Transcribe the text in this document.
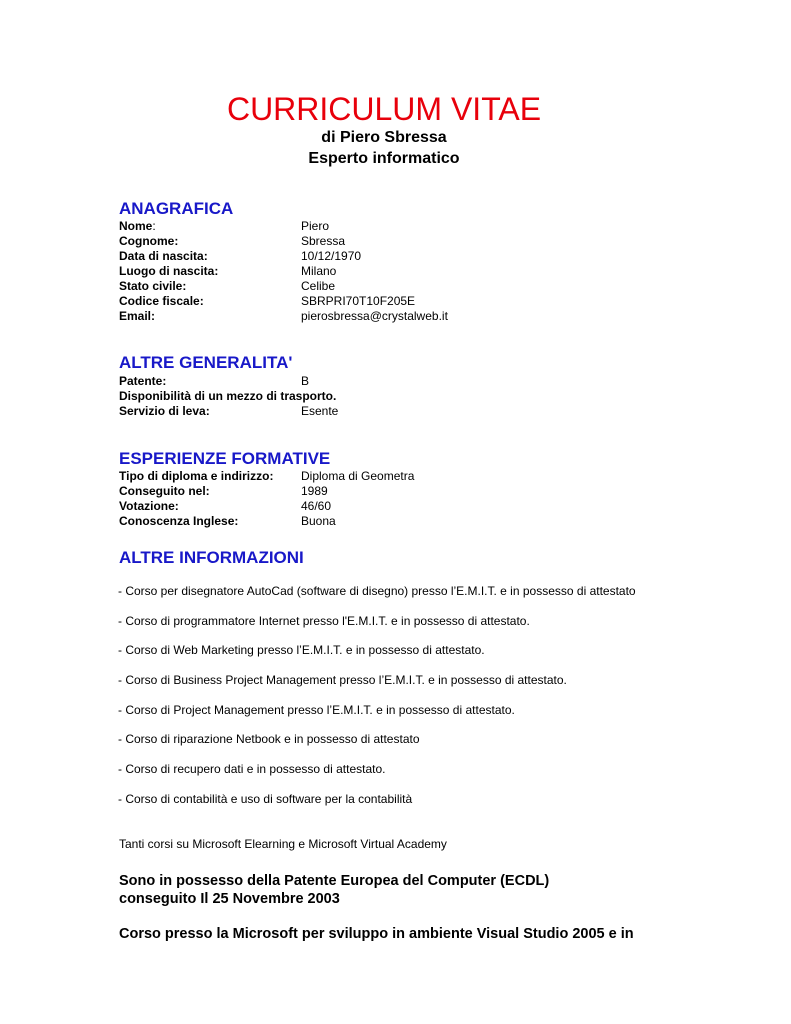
CURRICULUM VITAE
di Piero Sbressa
Esperto informatico
ANAGRAFICA
Nome:	Piero
Cognome:	Sbressa
Data di nascita:	10/12/1970
Luogo di nascita:	Milano
Stato civile:	Celibe
Codice fiscale:	SBRPRI70T10F205E
Email:	pierosbressa@crystalweb.it
ALTRE GENERALITA'
Patente:	B
Disponibilità di un mezzo di trasporto.
Servizio di leva:	Esente
ESPERIENZE FORMATIVE
Tipo di diploma e indirizzo: Diploma di Geometra
Conseguito nel:	1989
Votazione:	46/60
Conoscenza Inglese:	Buona
ALTRE INFORMAZIONI
- Corso per disegnatore AutoCad (software di disegno) presso l’E.M.I.T. e in possesso di attestato
- Corso di programmatore Internet presso l'E.M.I.T. e in possesso di attestato.
- Corso di Web Marketing presso l’E.M.I.T. e in possesso di attestato.
- Corso di Business Project Management presso l’E.M.I.T. e in possesso di attestato.
- Corso di Project Management presso l’E.M.I.T. e in possesso di attestato.
- Corso di riparazione Netbook e in possesso di attestato
- Corso di recupero dati e in possesso di attestato.
- Corso di contabilità e uso di software per la contabilità
Tanti corsi su Microsoft Elearning e Microsoft Virtual Academy
Sono in possesso della Patente Europea del Computer (ECDL)
conseguito Il 25 Novembre 2003
Corso presso la Microsoft per sviluppo in ambiente Visual Studio 2005 e in
